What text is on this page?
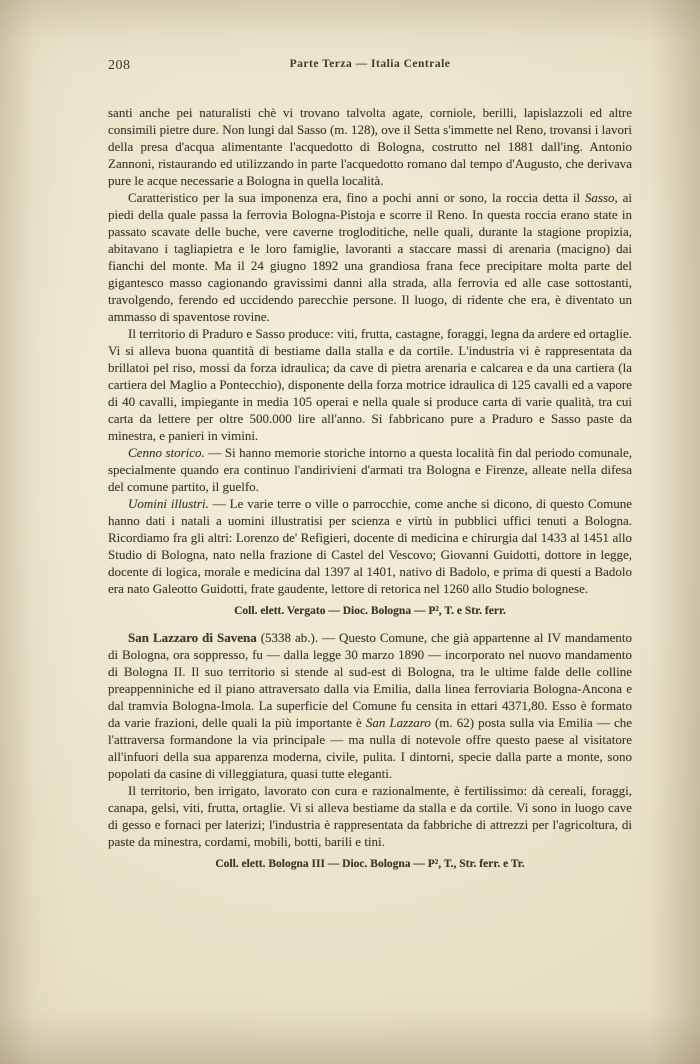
208	Parte Terza — Italia Centrale

santi anche pei naturalisti chè vi trovano talvolta agate, corniole, berilli, lapislazzoli ed altre consimili pietre dure. Non lungi dal Sasso (m. 128), ove il Setta s'immette nel Reno, trovansi i lavori della presa d'acqua alimentante l'acquedotto di Bologna, costrutto nel 1881 dall'ing. Antonio Zannoni, ristaurando ed utilizzando in parte l'acquedotto romano dal tempo d'Augusto, che derivava pure le acque necessarie a Bologna in quella località.

Caratteristico per la sua imponenza era, fino a pochi anni or sono, la roccia detta il Sasso, ai piedi della quale passa la ferrovia Bologna-Pistoja e scorre il Reno. In questa roccia erano state in passato scavate delle buche, vere caverne trogloditiche, nelle quali, durante la stagione propizia, abitavano i tagliapietra e le loro famiglie, lavoranti a staccare massi di arenaria (macigno) dai fianchi del monte. Ma il 24 giugno 1892 una grandiosa frana fece precipitare molta parte del gigantesco masso cagionando gravissimi danni alla strada, alla ferrovia ed alle case sottostanti, travolgendo, ferendo ed uccidendo parecchie persone. Il luogo, di ridente che era, è diventato un ammasso di spaventose rovine.

Il territorio di Praduro e Sasso produce: viti, frutta, castagne, foraggi, legna da ardere ed ortaglie. Vi si alleva buona quantità di bestiame dalla stalla e da cortile. L'industria vi è rappresentata da brillatoi pel riso, mossi da forza idraulica; da cave di pietra arenaria e calcarea e da una cartiera (la cartiera del Maglio a Pontecchio), disponente della forza motrice idraulica di 125 cavalli ed a vapore di 40 cavalli, impiegante in media 105 operai e nella quale si produce carta di varie qualità, tra cui carta da lettere per oltre 500.000 lire all'anno. Si fabbricano pure a Praduro e Sasso paste da minestra, e panieri in vimini.

Cenno storico. — Si hanno memorie storiche intorno a questa località fin dal periodo comunale, specialmente quando era continuo l'andirivieni d'armati tra Bologna e Firenze, alleate nella difesa del comune partito, il guelfo.

Uomini illustri. — Le varie terre o ville o parrocchie, come anche si dicono, di questo Comune hanno dati i natali a uomini illustratisi per scienza e virtù in pubblici uffici tenuti a Bologna. Ricordiamo fra gli altri: Lorenzo de' Refigieri, docente di medicina e chirurgia dal 1433 al 1451 allo Studio di Bologna, nato nella frazione di Castel del Vescovo; Giovanni Guidotti, dottore in legge, docente di logica, morale e medicina dal 1397 al 1401, nativo di Badolo, e prima di questi a Badolo era nato Galeotto Guidotti, frate gaudente, lettore di retorica nel 1260 allo Studio bolognese.

Coll. elett. Vergato — Dioc. Bologna — P², T. e Str. ferr.

San Lazzaro di Savena (5338 ab.). — Questo Comune, che già appartenne al IV mandamento di Bologna, ora soppresso, fu — dalla legge 30 marzo 1890 — incorporato nel nuovo mandamento di Bologna II. Il suo territorio si stende al sud-est di Bologna, tra le ultime falde delle colline preappenniniche ed il piano attraversato dalla via Emilia, dalla linea ferroviaria Bologna-Ancona e dal tramvia Bologna-Imola. La superficie del Comune fu censita in ettari 4371,80. Esso è formato da varie frazioni, delle quali la più importante è San Lazzaro (m. 62) posta sulla via Emilia — che l'attraversa formandone la via principale — ma nulla di notevole offre questo paese al visitatore all'infuori della sua apparenza moderna, civile, pulita. I dintorni, specie dalla parte a monte, sono popolati da casine di villeggiatura, quasi tutte eleganti.

Il territorio, ben irrigato, lavorato con cura e razionalmente, è fertilissimo: dà cereali, foraggi, canapa, gelsi, viti, frutta, ortaglie. Vi si alleva bestiame da stalla e da cortile. Vi sono in luogo cave di gesso e fornaci per laterizi; l'industria è rappresentata da fabbriche di attrezzi per l'agricoltura, di paste da minestra, cordami, mobili, botti, barili e tini.

Coll. elett. Bologna III — Dioc. Bologna — P², T., Str. ferr. e Tr.
